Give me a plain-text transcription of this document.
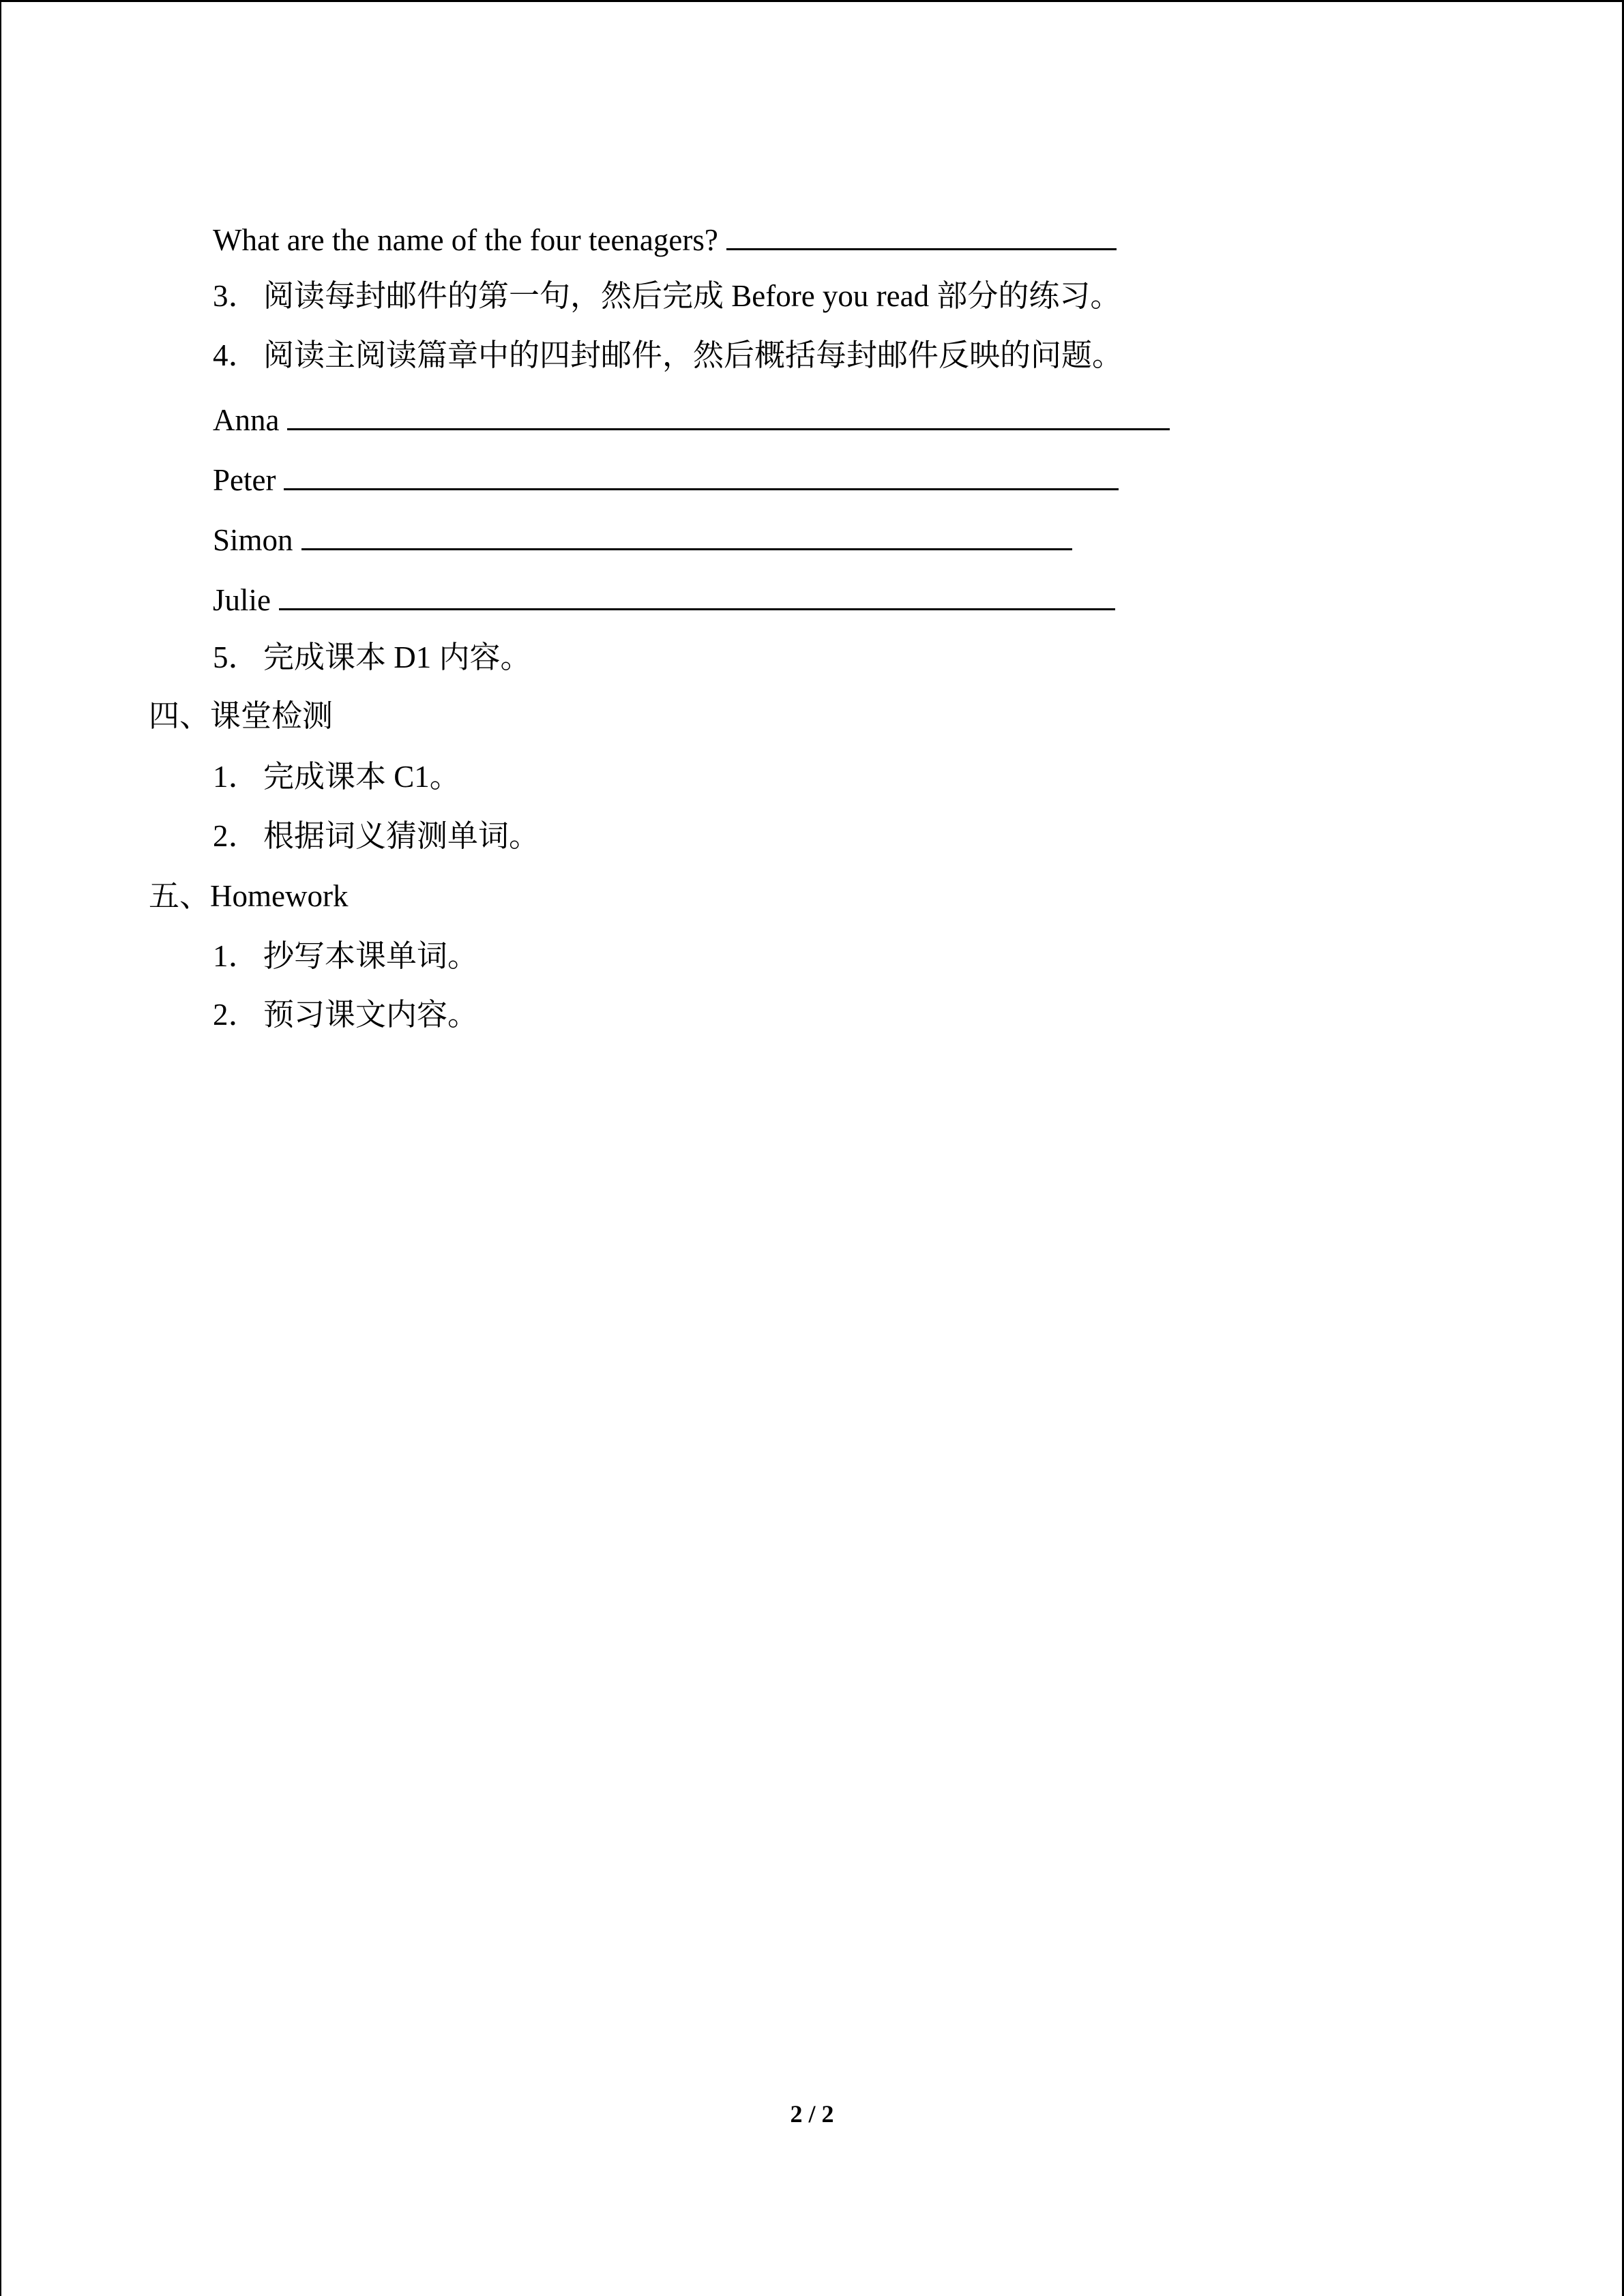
What are the name of the four teenagers?
3． 阅读每封邮件的第一句，然后完成 Before you read 部分的练习。
4． 阅读主阅读篇章中的四封邮件，然后概括每封邮件反映的问题。
Anna
Peter
Simon
Julie
5． 完成课本 D1 内容。
四、课堂检测
1． 完成课本 C1。
2． 根据词义猜测单词。
五、Homework
1． 抄写本课单词。
2． 预习课文内容。
2 / 2
